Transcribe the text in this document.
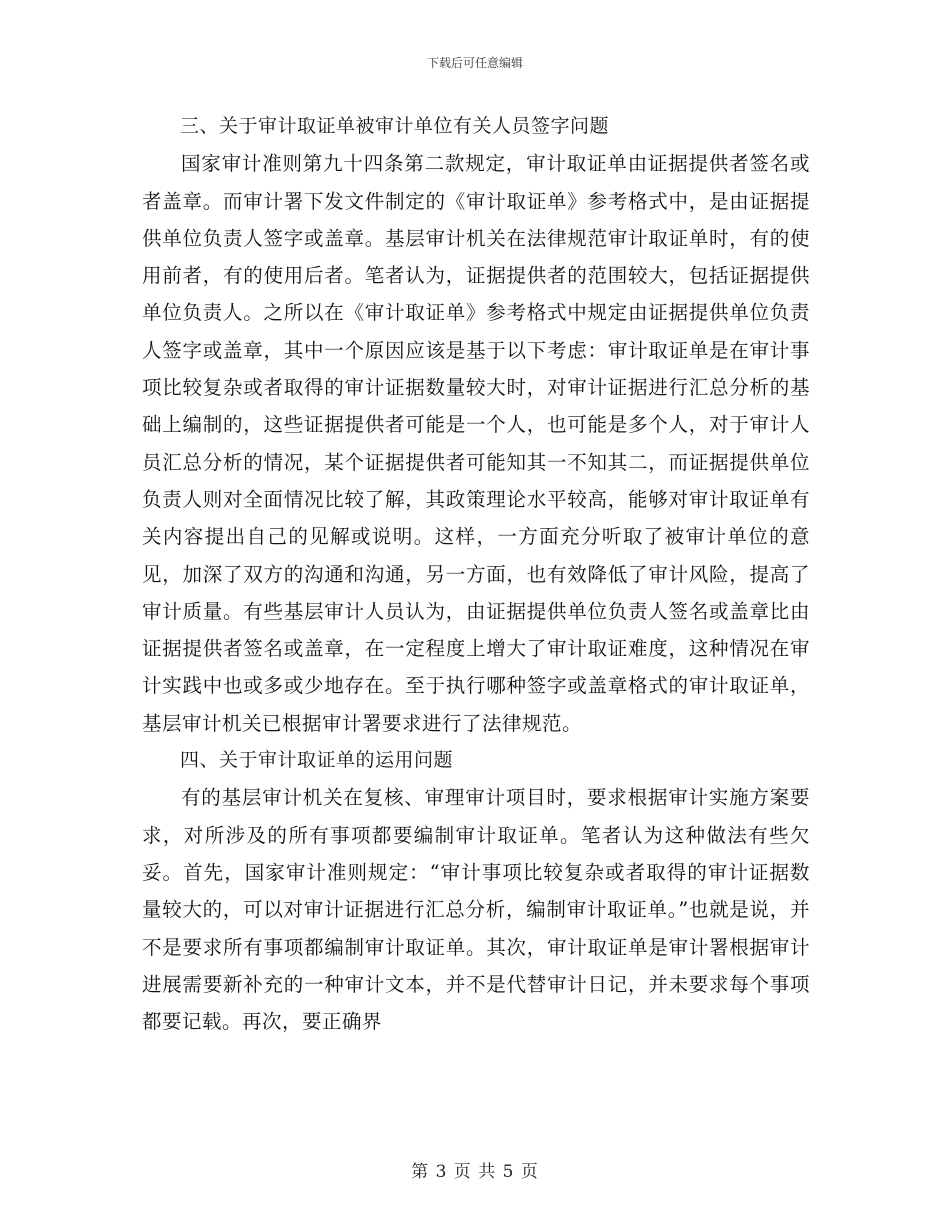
下载后可任意编辑

三、关于审计取证单被审计单位有关人员签字问题

国家审计准则第九十四条第二款规定，审计取证单由证据提供者签名或者盖章。而审计署下发文件制定的《审计取证单》参考格式中，是由证据提供单位负责人签字或盖章。基层审计机关在法律规范审计取证单时，有的使用前者，有的使用后者。笔者认为，证据提供者的范围较大，包括证据提供单位负责人。之所以在《审计取证单》参考格式中规定由证据提供单位负责人签字或盖章，其中一个原因应该是基于以下考虑：审计取证单是在审计事项比较复杂或者取得的审计证据数量较大时，对审计证据进行汇总分析的基础上编制的，这些证据提供者可能是一个人，也可能是多个人，对于审计人员汇总分析的情况，某个证据提供者可能知其一不知其二，而证据提供单位负责人则对全面情况比较了解，其政策理论水平较高，能够对审计取证单有关内容提出自己的见解或说明。这样，一方面充分听取了被审计单位的意见，加深了双方的沟通和沟通，另一方面，也有效降低了审计风险，提高了审计质量。有些基层审计人员认为，由证据提供单位负责人签名或盖章比由证据提供者签名或盖章，在一定程度上增大了审计取证难度，这种情况在审计实践中也或多或少地存在。至于执行哪种签字或盖章格式的审计取证单，基层审计机关已根据审计署要求进行了法律规范。

四、关于审计取证单的运用问题

有的基层审计机关在复核、审理审计项目时，要求根据审计实施方案要求，对所涉及的所有事项都要编制审计取证单。笔者认为这种做法有些欠妥。首先，国家审计准则规定：“审计事项比较复杂或者取得的审计证据数量较大的，可以对审计证据进行汇总分析，编制审计取证单。”也就是说，并不是要求所有事项都编制审计取证单。其次，审计取证单是审计署根据审计进展需要新补充的一种审计文本，并不是代替审计日记，并未要求每个事项都要记载。再次，要正确界

第 3 页 共 5 页
